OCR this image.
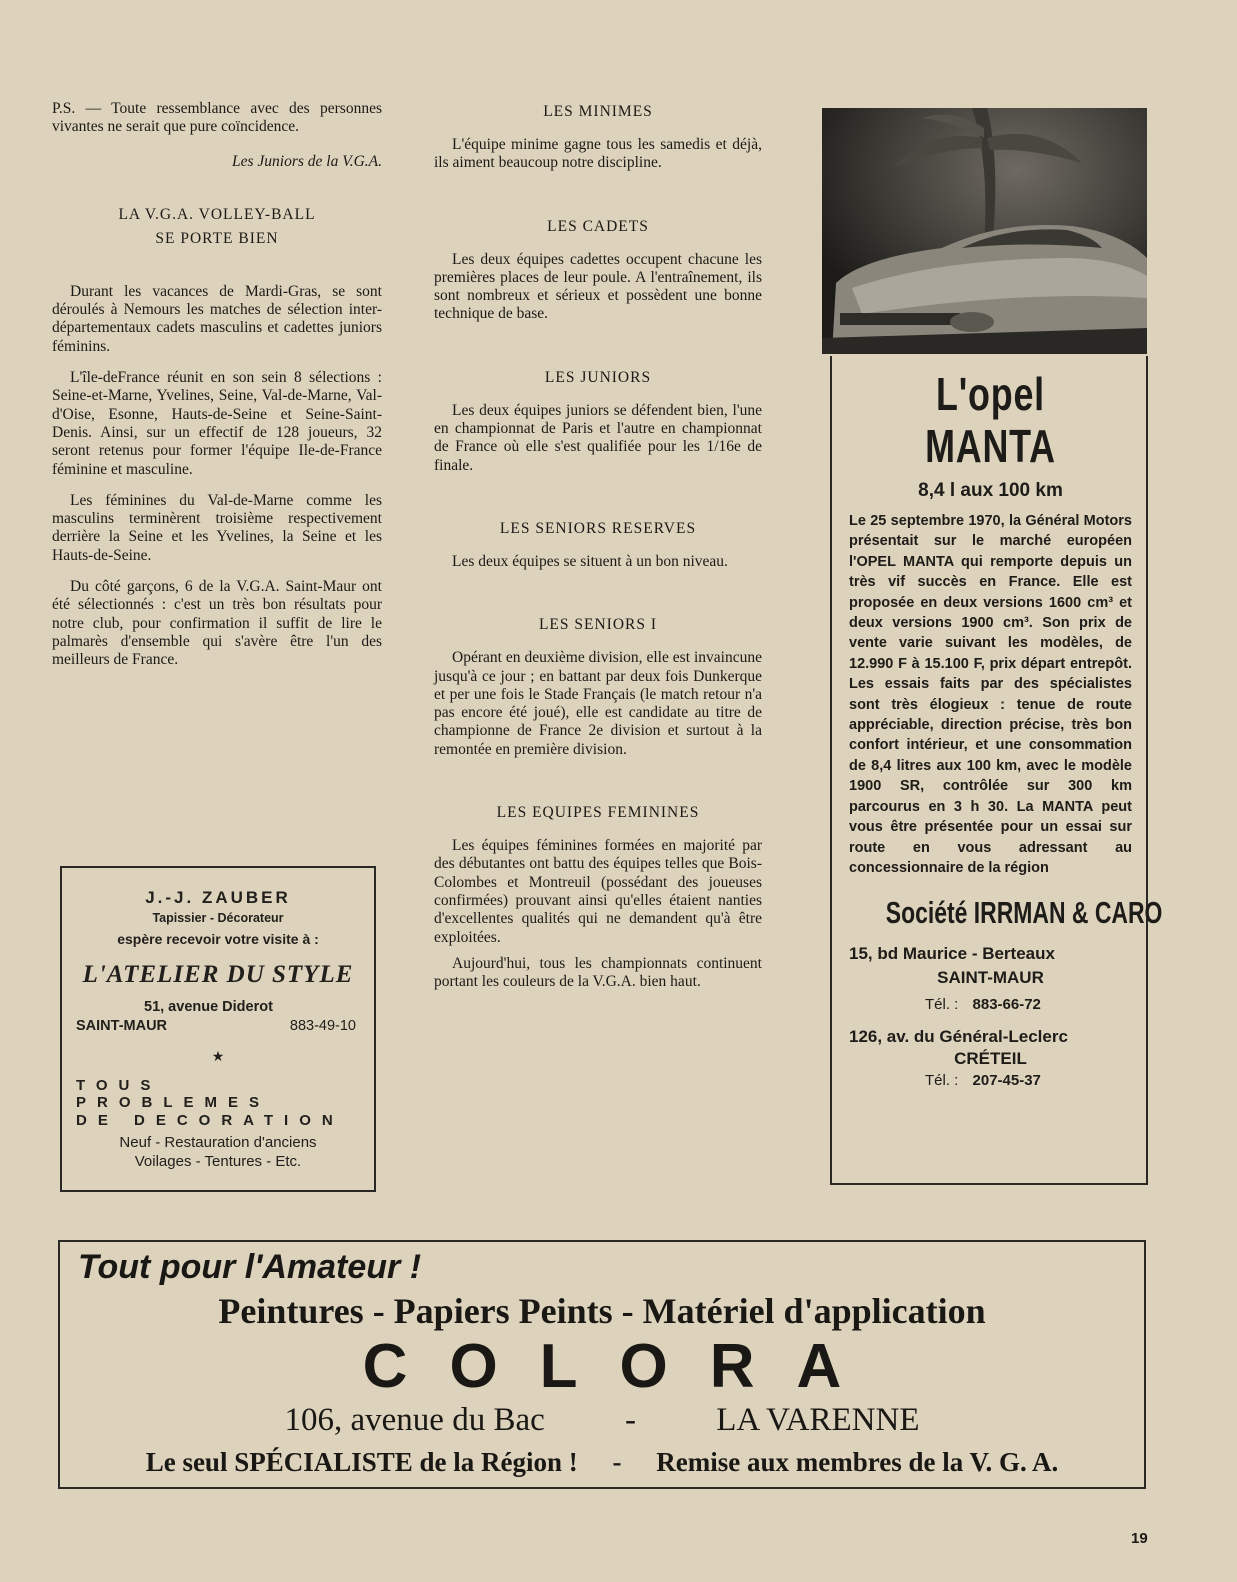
P.S. — Toute ressemblance avec des personnes vivantes ne serait que pure coïncidence.

Les Juniors de la V.G.A.

LA V.G.A. VOLLEY-BALL

SE PORTE BIEN

Durant les vacances de Mardi-Gras, se sont déroulés à Nemours les matches de sélection inter-départementaux cadets masculins et cadettes juniors féminins.

L'île-deFrance réunit en son sein 8 sélections : Seine-et-Marne, Yvelines, Seine, Val-de-Marne, Val-d'Oise, Esonne, Hauts-de-Seine et Seine-Saint-Denis. Ainsi, sur un effectif de 128 joueurs, 32 seront retenus pour former l'équipe Ile-de-France féminine et masculine.

Les féminines du Val-de-Marne comme les masculins terminèrent troisième respectivement derrière la Seine et les Yvelines, la Seine et les Hauts-de-Seine.

Du côté garçons, 6 de la V.G.A. Saint-Maur ont été sélectionnés : c'est un très bon résultats pour notre club, pour confirmation il suffit de lire le palmarès d'ensemble qui s'avère être l'un des meilleurs de France.

LES MINIMES

L'équipe minime gagne tous les samedis et déjà, ils aiment beaucoup notre discipline.

LES CADETS

Les deux équipes cadettes occupent chacune les premières places de leur poule. A l'entraînement, ils sont nombreux et sérieux et possèdent une bonne technique de base.

LES JUNIORS

Les deux équipes juniors se défendent bien, l'une en championnat de Paris et l'autre en championnat de France où elle s'est qualifiée pour les 1/16e de finale.

LES SENIORS RESERVES

Les deux équipes se situent à un bon niveau.

LES SENIORS I

Opérant en deuxième division, elle est invaincune jusqu'à ce jour ; en battant par deux fois Dunkerque et per une fois le Stade Français (le match retour n'a pas encore été joué), elle est candidate au titre de championne de France 2e division et surtout à la remontée en première division.

LES EQUIPES FEMININES

Les équipes féminines formées en majorité par des débutantes ont battu des équipes telles que Bois-Colombes et Montreuil (possédant des joueuses confirmées) prouvant ainsi qu'elles étaient nanties d'excellentes qualités qui ne demandent qu'à être exploitées.

Aujourd'hui, tous les championnats continuent portant les couleurs de la V.G.A. bien haut.

J.-J. ZAUBER

Tapissier - Décorateur

espère recevoir votre visite à :

L'ATELIER DU STYLE

51, avenue Diderot

SAINT-MAUR	883-49-10

★

TOUS PROBLEMES

DE DECORATION

Neuf - Restauration d'anciens

Voilages - Tentures - Etc.

L'opel MANTA

8,4 l aux 100 km

Le 25 septembre 1970, la Général Motors présentait sur le marché européen l'OPEL MANTA qui remporte depuis un très vif succès en France. Elle est proposée en deux versions 1600 cm³ et deux versions 1900 cm³. Son prix de vente varie suivant les modèles, de 12.990 F à 15.100 F, prix départ entrepôt. Les essais faits par des spécialistes sont très élogieux : tenue de route appréciable, direction précise, très bon confort intérieur, et une consommation de 8,4 litres aux 100 km, avec le modèle 1900 SR, contrôlée sur 300 km parcourus en 3 h 30. La MANTA peut vous être présentée pour un essai sur route en vous adressant au concessionnaire de la région

Société IRRMAN & CARO

15, bd Maurice - Berteaux

SAINT-MAUR

Tél. : 883-66-72

126, av. du Général-Leclerc

CRÉTEIL

Tél. : 207-45-37

Tout pour l'Amateur !

Peintures - Papiers Peints - Matériel d'application

COLORA

106, avenue du Bac - LA VARENNE
Le seul SPÉCIALISTE de la Région ! - Remise aux membres de la V. G. A.

19
